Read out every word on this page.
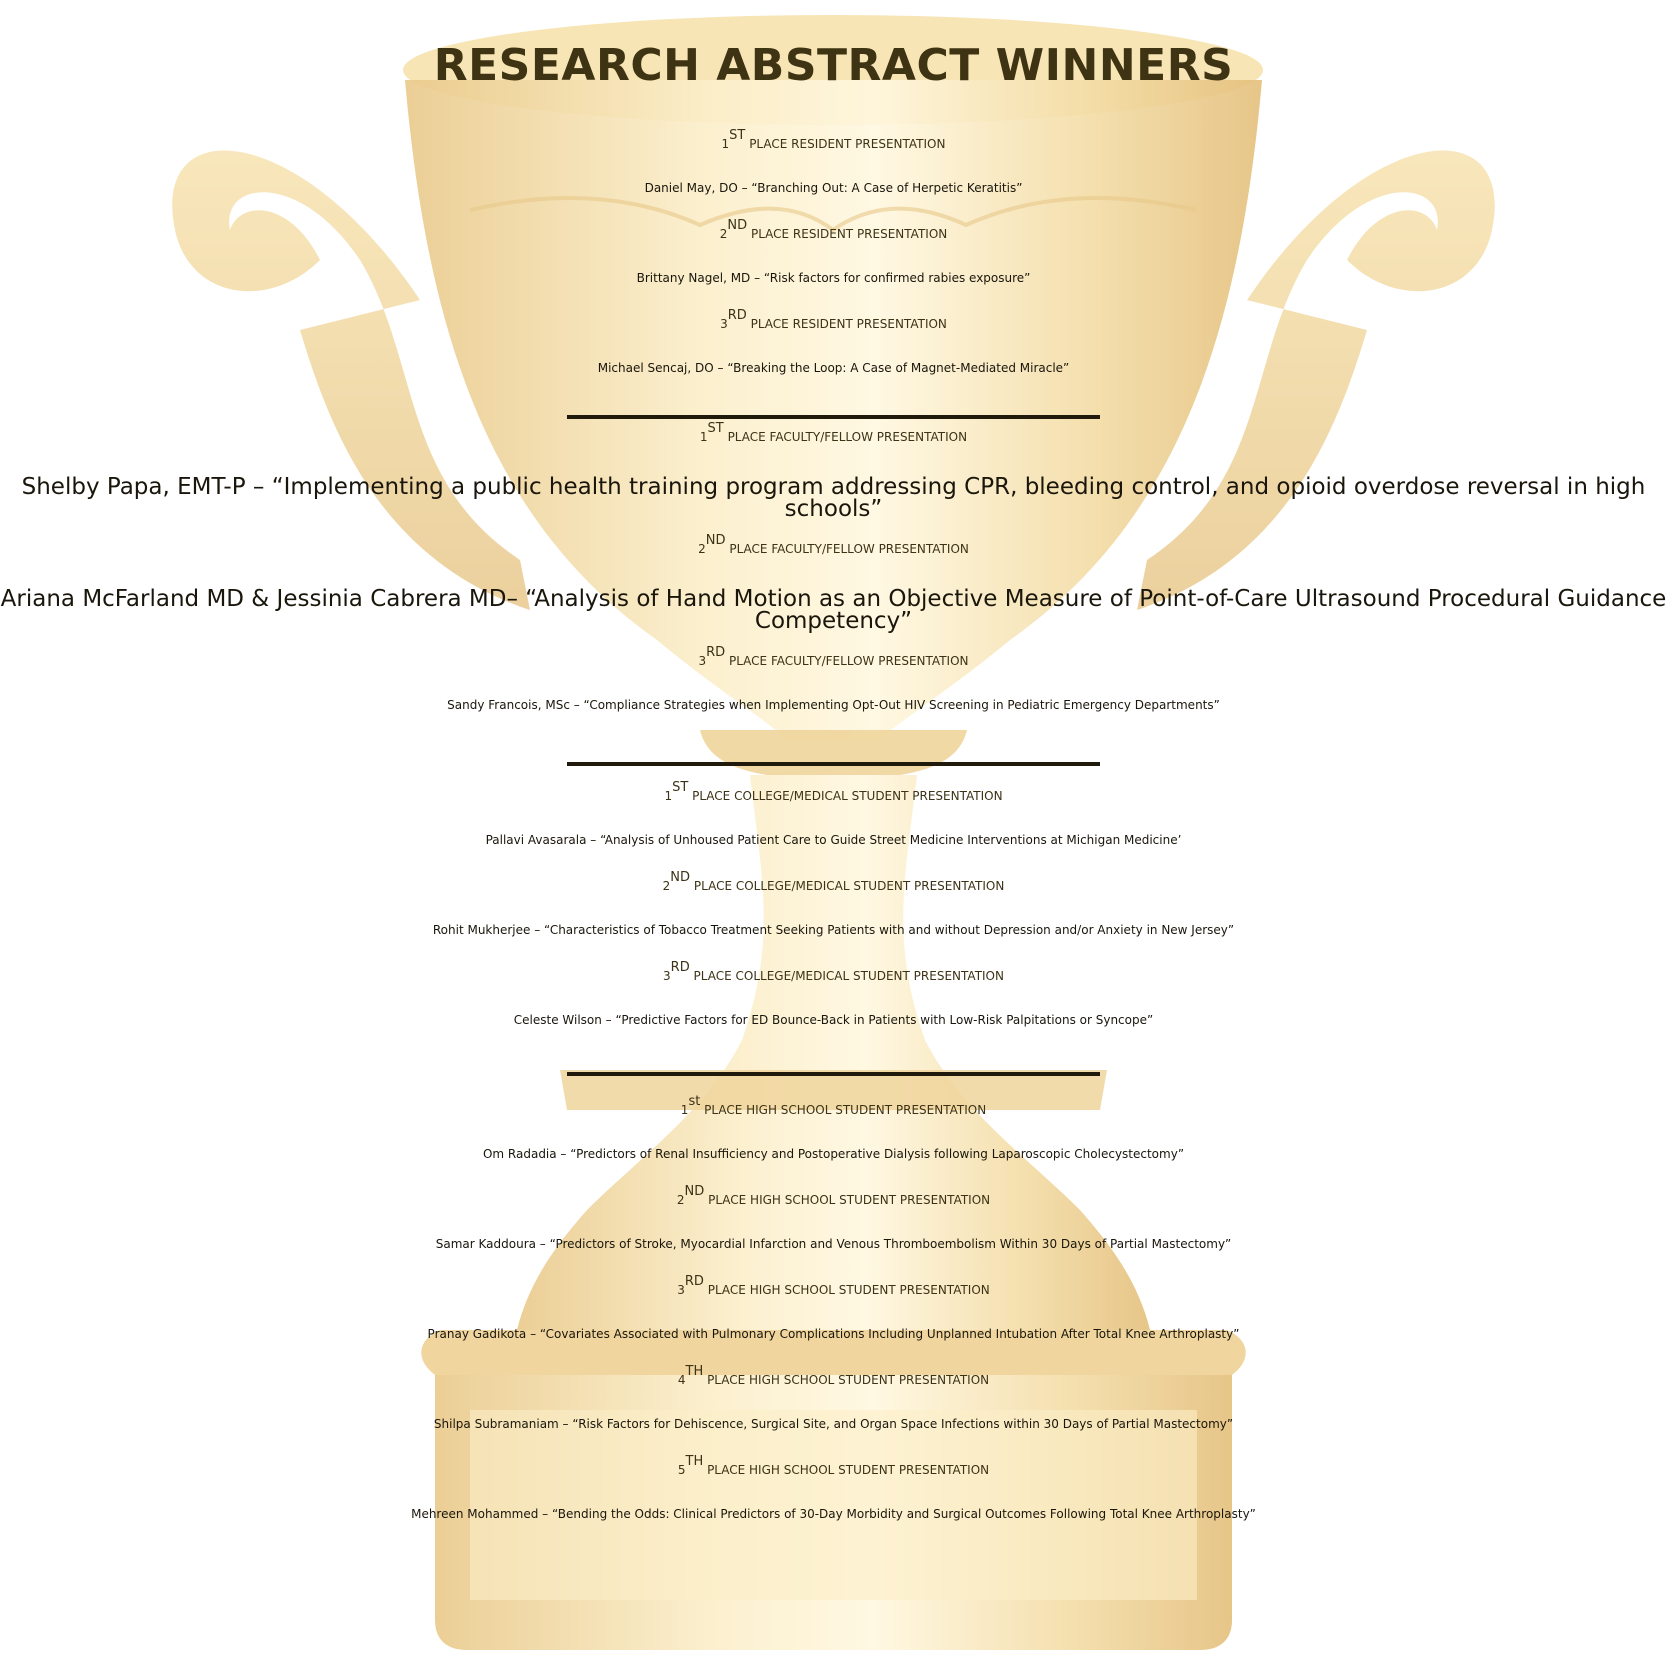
RESEARCH ABSTRACT WINNERS
1ST PLACE RESIDENT PRESENTATION
Daniel May, DO – “Branching Out: A Case of Herpetic Keratitis”
2ND PLACE RESIDENT PRESENTATION
Brittany Nagel, MD – “Risk factors for confirmed rabies exposure”
3RD PLACE RESIDENT PRESENTATION
Michael Sencaj, DO – “Breaking the Loop: A Case of Magnet-Mediated Miracle”
1ST PLACE FACULTY/FELLOW PRESENTATION
Shelby Papa, EMT-P – “Implementing a public health training program addressing CPR, bleeding control, and opioid overdose reversal in high schools”
2ND PLACE FACULTY/FELLOW PRESENTATION
Ariana McFarland MD & Jessinia Cabrera MD– “Analysis of Hand Motion as an Objective Measure of Point-of-Care Ultrasound Procedural Guidance Competency”
3RD PLACE FACULTY/FELLOW PRESENTATION
Sandy Francois, MSc – “Compliance Strategies when Implementing Opt-Out HIV Screening in Pediatric Emergency Departments”
1ST PLACE COLLEGE/MEDICAL STUDENT PRESENTATION
Pallavi Avasarala – “Analysis of Unhoused Patient Care to Guide Street Medicine Interventions at Michigan Medicine’
2ND PLACE COLLEGE/MEDICAL STUDENT PRESENTATION
Rohit Mukherjee – “Characteristics of Tobacco Treatment Seeking Patients with and without Depression and/or Anxiety in New Jersey”
3RD PLACE COLLEGE/MEDICAL STUDENT PRESENTATION
Celeste Wilson – “Predictive Factors for ED Bounce-Back in Patients with Low-Risk Palpitations or Syncope”
1st PLACE HIGH SCHOOL STUDENT PRESENTATION
Om Radadia – “Predictors of Renal Insufficiency and Postoperative Dialysis following Laparoscopic Cholecystectomy”
2ND PLACE HIGH SCHOOL STUDENT PRESENTATION
Samar Kaddoura – “Predictors of Stroke, Myocardial Infarction and Venous Thromboembolism Within 30 Days of Partial Mastectomy”
3RD PLACE HIGH SCHOOL STUDENT PRESENTATION
Pranay Gadikota – “Covariates Associated with Pulmonary Complications Including Unplanned Intubation After Total Knee Arthroplasty”
4TH PLACE HIGH SCHOOL STUDENT PRESENTATION
Shilpa Subramaniam – “Risk Factors for Dehiscence, Surgical Site, and Organ Space Infections within 30 Days of Partial Mastectomy”
5TH PLACE HIGH SCHOOL STUDENT PRESENTATION
Mehreen Mohammed – “Bending the Odds: Clinical Predictors of 30-Day Morbidity and Surgical Outcomes Following Total Knee Arthroplasty”
